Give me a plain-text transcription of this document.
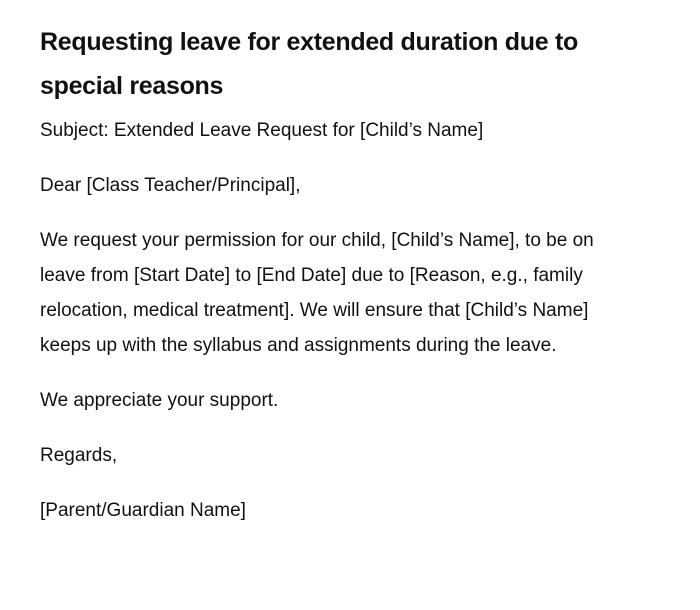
Requesting leave for extended duration due to special reasons

Subject: Extended Leave Request for [Child’s Name]

Dear [Class Teacher/Principal],

We request your permission for our child, [Child’s Name], to be on leave from [Start Date] to [End Date] due to [Reason, e.g., family relocation, medical treatment]. We will ensure that [Child’s Name] keeps up with the syllabus and assignments during the leave.

We appreciate your support.

Regards,

[Parent/Guardian Name]
